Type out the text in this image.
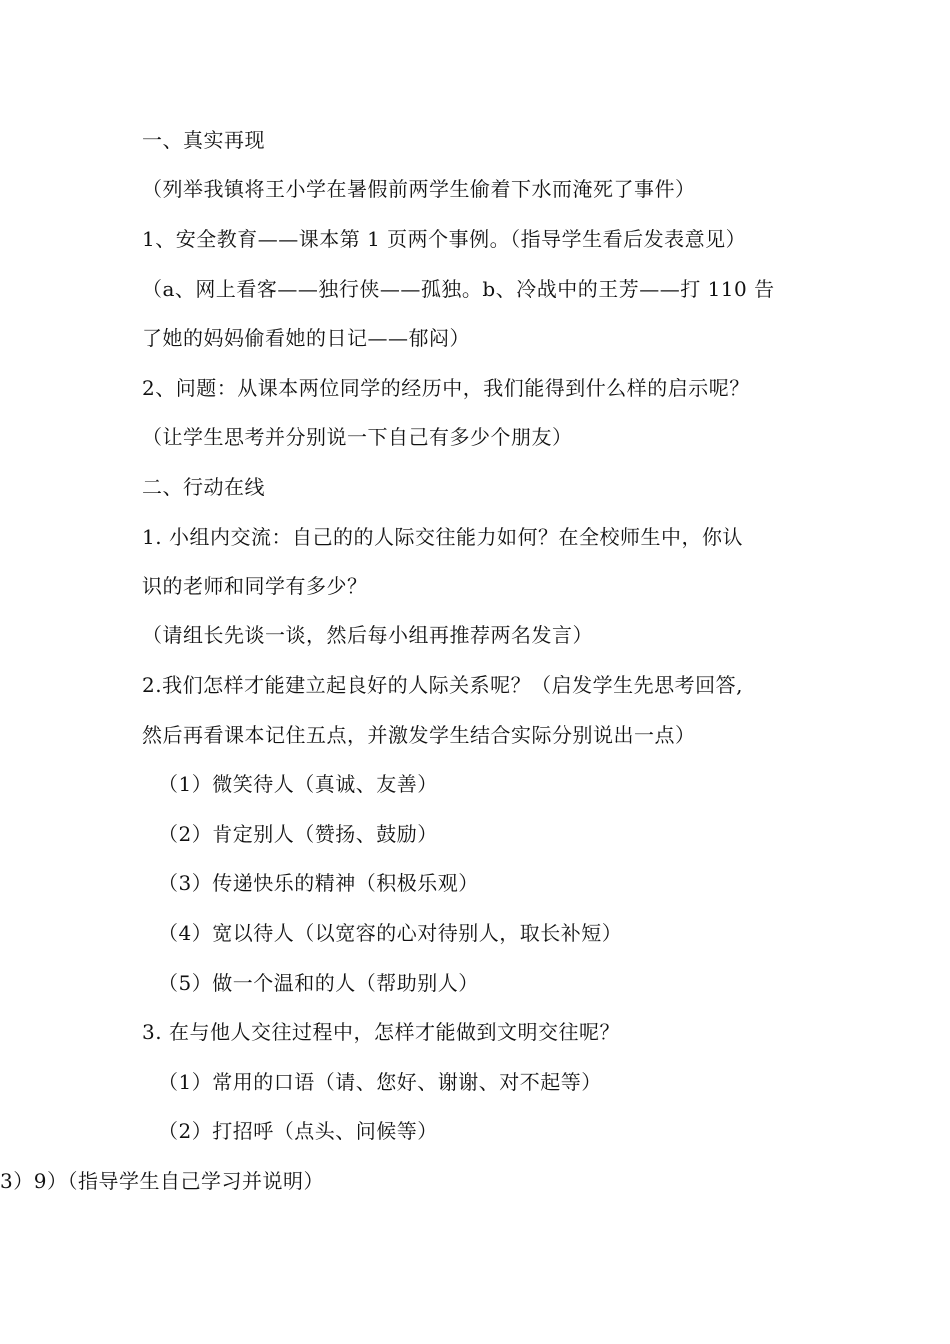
一、真实再现
（列举我镇将王小学在暑假前两学生偷着下水而淹死了事件）
1、安全教育——课本第 1 页两个事例。（指导学生看后发表意见）
（a、网上看客——独行侠——孤独。b、冷战中的王芳——打 110 告
了她的妈妈偷看她的日记——郁闷）
2、问题：从课本两位同学的经历中，我们能得到什么样的启示呢？
（让学生思考并分别说一下自己有多少个朋友）
二、行动在线
1. 小组内交流：自己的的人际交往能力如何？在全校师生中，你认
识的老师和同学有多少？
（请组长先谈一谈，然后每小组再推荐两名发言）
2.我们怎样才能建立起良好的人际关系呢？（启发学生先思考回答,
然后再看课本记住五点，并激发学生结合实际分别说出一点）
（1）微笑待人（真诚、友善）
（2）肯定别人（赞扬、鼓励）
（3）传递快乐的精神（积极乐观）
（4）宽以待人（以宽容的心对待别人，取长补短）
（5）做一个温和的人（帮助别人）
3. 在与他人交往过程中，怎样才能做到文明交往呢？
（1）常用的口语（请、您好、谢谢、对不起等）
（2）打招呼（点头、问候等）
3）9）（指导学生自己学习并说明）
